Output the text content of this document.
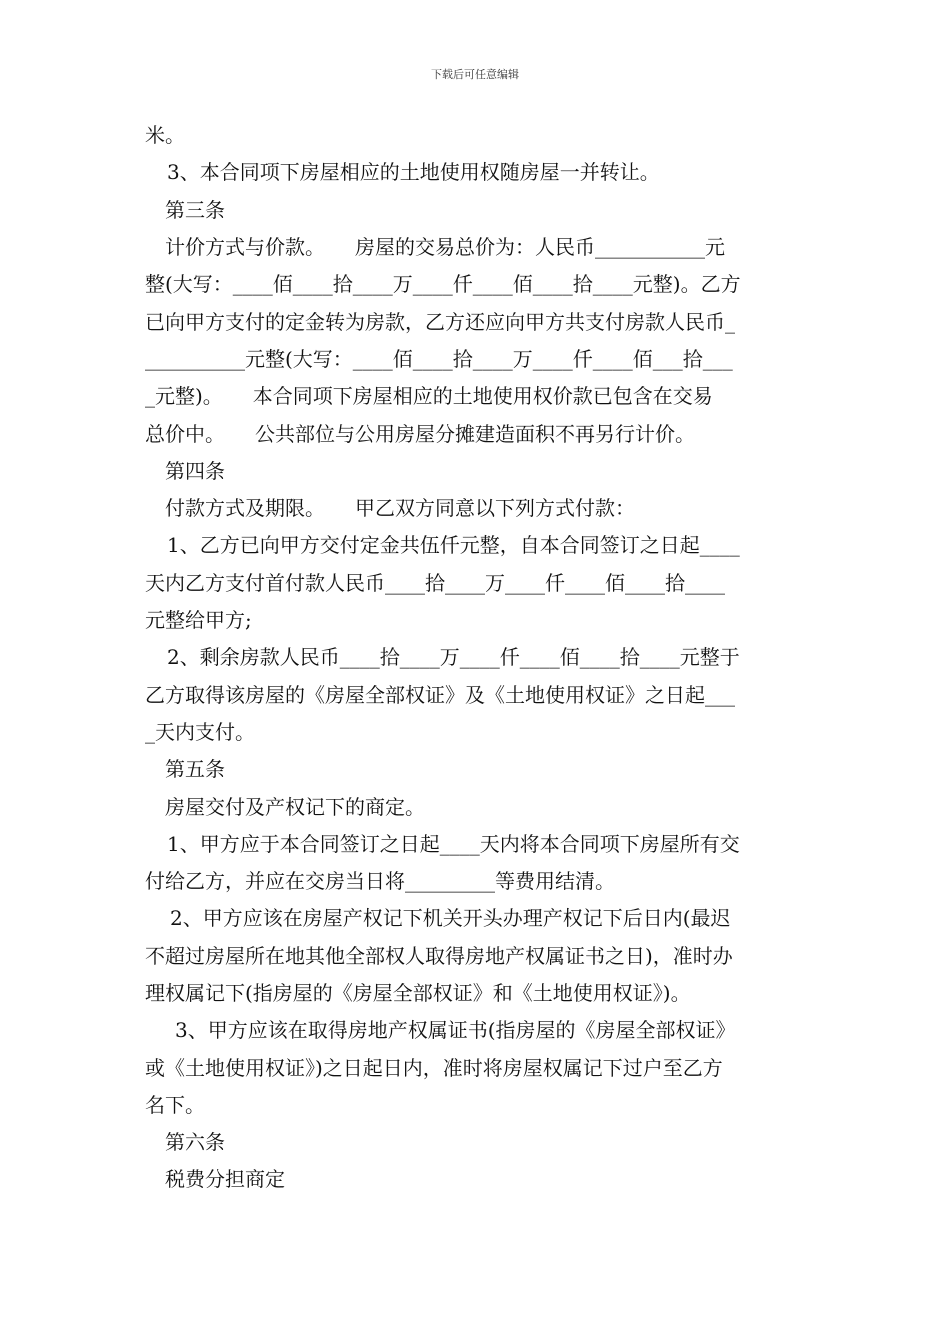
下载后可任意编辑
米。
3、本合同项下房屋相应的土地使用权随房屋一并转让。
第三条
计价方式与价款。　　房屋的交易总价为：人民币___________元
整(大写：____佰____拾____万____仟____佰____拾____元整)。乙方
已向甲方支付的定金转为房款，乙方还应向甲方共支付房款人民币_
__________元整(大写：____佰____拾____万____仟____佰___拾___
_元整)。　　本合同项下房屋相应的土地使用权价款已包含在交易
总价中。　　公共部位与公用房屋分摊建造面积不再另行计价。
第四条
付款方式及期限。　　甲乙双方同意以下列方式付款：
1、乙方已向甲方交付定金共伍仟元整，自本合同签订之日起____
天内乙方支付首付款人民币____拾____万____仟____佰____拾____
元整给甲方;
2、剩余房款人民币____拾____万____仟____佰____拾____元整于
乙方取得该房屋的《房屋全部权证》及《土地使用权证》之日起___
_天内支付。
第五条
房屋交付及产权记下的商定。
1、甲方应于本合同签订之日起____天内将本合同项下房屋所有交
付给乙方，并应在交房当日将_________等费用结清。
2、甲方应该在房屋产权记下机关开头办理产权记下后日内(最迟
不超过房屋所在地其他全部权人取得房地产权属证书之日)，准时办
理权属记下(指房屋的《房屋全部权证》和《土地使用权证》)。
3、甲方应该在取得房地产权属证书(指房屋的《房屋全部权证》
或《土地使用权证》)之日起日内，准时将房屋权属记下过户至乙方
名下。
第六条
税费分担商定
